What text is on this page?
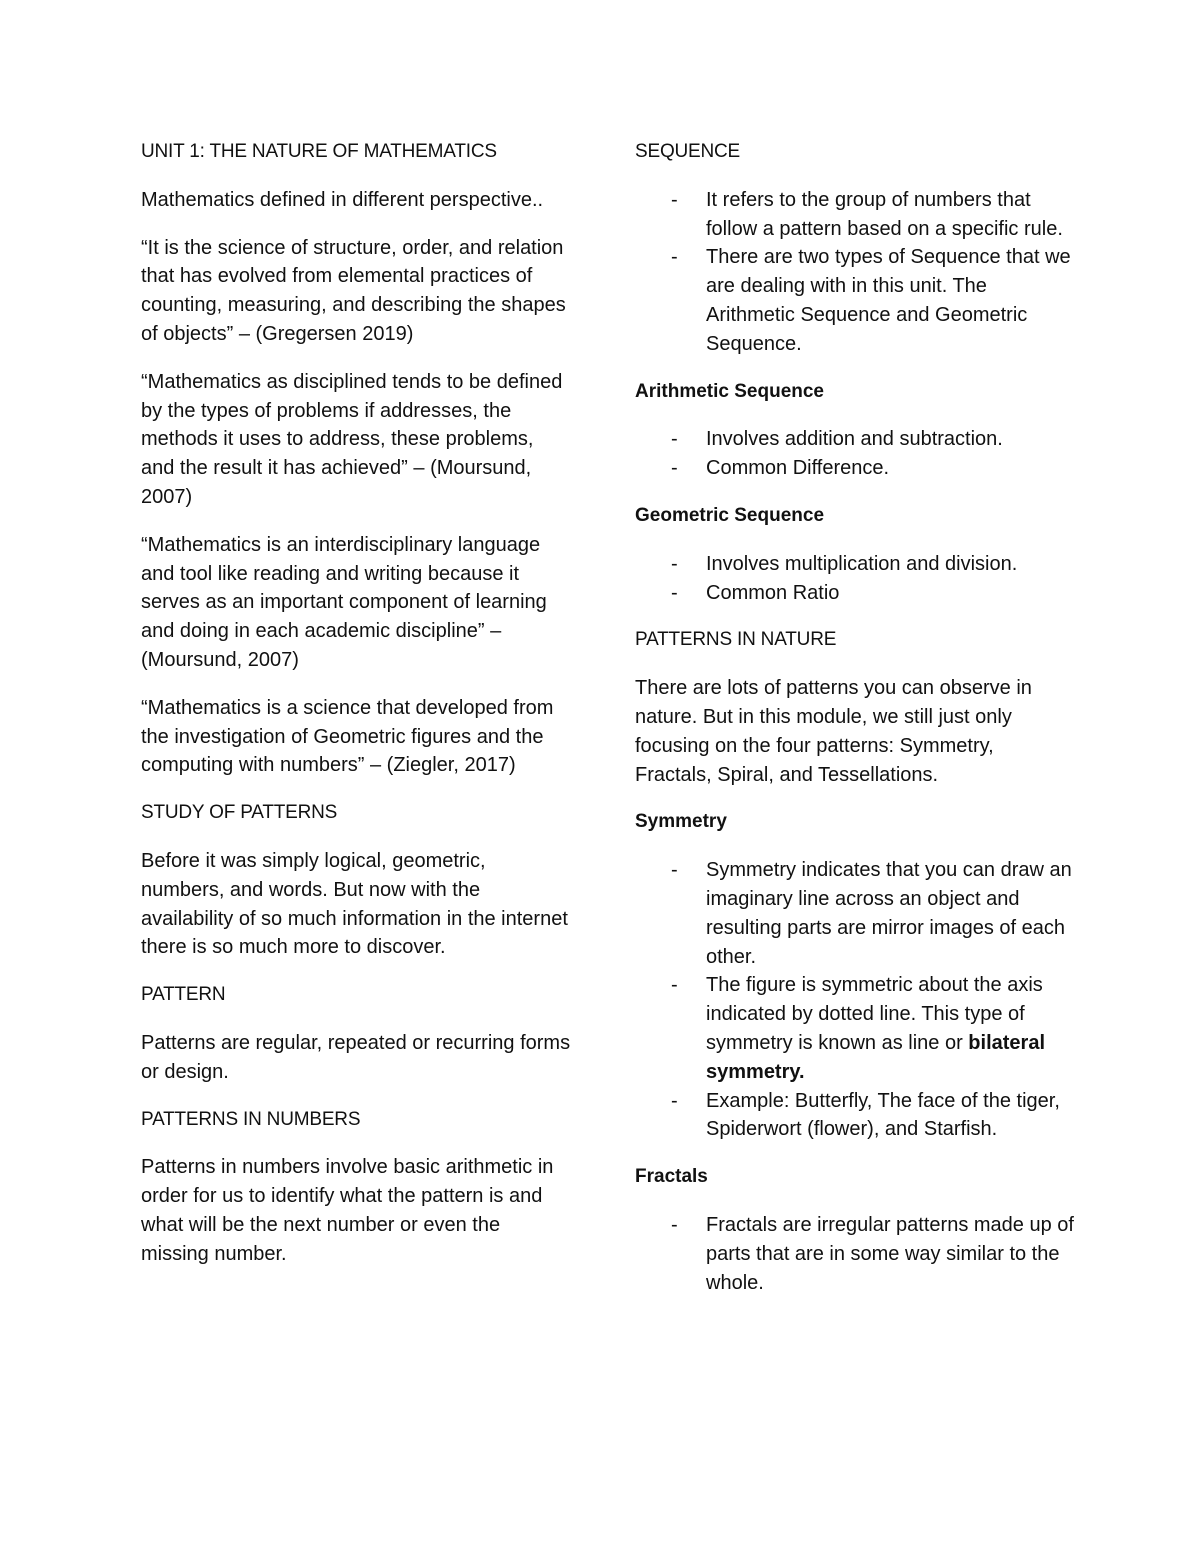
UNIT 1: THE NATURE OF MATHEMATICS
Mathematics defined in different perspective..
“It is the science of structure, order, and relation that has evolved from elemental practices of counting, measuring, and describing the shapes of objects” – (Gregersen 2019)
“Mathematics as disciplined tends to be defined by the types of problems if addresses, the methods it uses to address, these problems, and the result it has achieved” – (Moursund, 2007)
“Mathematics is an interdisciplinary language and tool like reading and writing because it serves as an important component of learning and doing in each academic discipline” – (Moursund, 2007)
“Mathematics is a science that developed from the investigation of Geometric figures and the computing with numbers” – (Ziegler, 2017)
STUDY OF PATTERNS
Before it was simply logical, geometric, numbers, and words. But now with the availability of so much information in the internet there is so much more to discover.
PATTERN
Patterns are regular, repeated or recurring forms or design.
PATTERNS IN NUMBERS
Patterns in numbers involve basic arithmetic in order for us to identify what the pattern is and what will be the next number or even the missing number.
SEQUENCE
- It refers to the group of numbers that follow a pattern based on a specific rule.
- There are two types of Sequence that we are dealing with in this unit. The Arithmetic Sequence and Geometric Sequence.
Arithmetic Sequence
- Involves addition and subtraction.
- Common Difference.
Geometric Sequence
- Involves multiplication and division.
- Common Ratio
PATTERNS IN NATURE
There are lots of patterns you can observe in nature. But in this module, we still just only focusing on the four patterns: Symmetry, Fractals, Spiral, and Tessellations.
Symmetry
- Symmetry indicates that you can draw an imaginary line across an object and resulting parts are mirror images of each other.
- The figure is symmetric about the axis indicated by dotted line. This type of symmetry is known as line or bilateral symmetry.
- Example: Butterfly, The face of the tiger, Spiderwort (flower), and Starfish.
Fractals
- Fractals are irregular patterns made up of parts that are in some way similar to the whole.
